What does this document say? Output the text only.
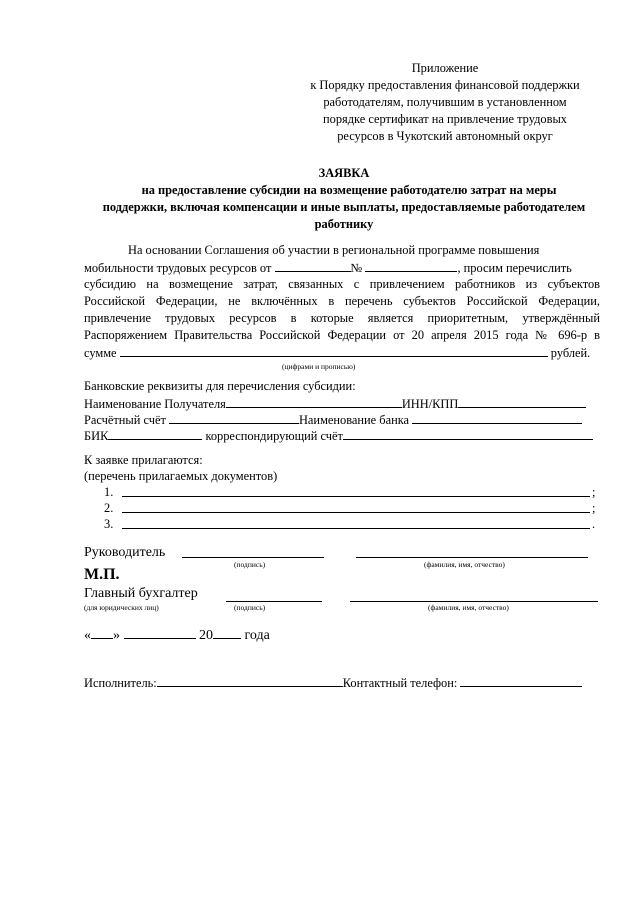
Приложение
к Порядку предоставления финансовой поддержки
работодателям, получившим в установленном
порядке сертификат на привлечение трудовых
ресурсов в Чукотский автономный округ
ЗАЯВКА
на предоставление субсидии на возмещение работодателю затрат на меры
поддержки, включая компенсации и иные выплаты, предоставляемые работодателем
работнику
На основании Соглашения об участии в региональной программе повышения
мобильности трудовых ресурсов от	№	, просим перечислить
субсидию на возмещение затрат, связанных с привлечением работников из субъектов
Российской Федерации, не включённых в перечень субъектов Российской Федерации,
привлечение трудовых ресурсов в которые является приоритетным, утверждённый
Распоряжением Правительства Российской Федерации от 20 апреля 2015 года № 696-р в
сумме	рублей.
(цифрами и прописью)
Банковские реквизиты для перечисления субсидии:
Наименование Получателя	ИНН/КПП
Расчётный счёт	Наименование банка
БИК	корреспондирующий счёт
К заявке прилагаются:
(перечень прилагаемых документов)
1.	;
2.	;
3.	.
Руководитель
(подпись)	(фамилия, имя, отчество)
М.П.
Главный бухгалтер
(для юридических лиц)	(подпись)	(фамилия, имя, отчество)
« »	20 года
Исполнитель:	Контактный телефон:
